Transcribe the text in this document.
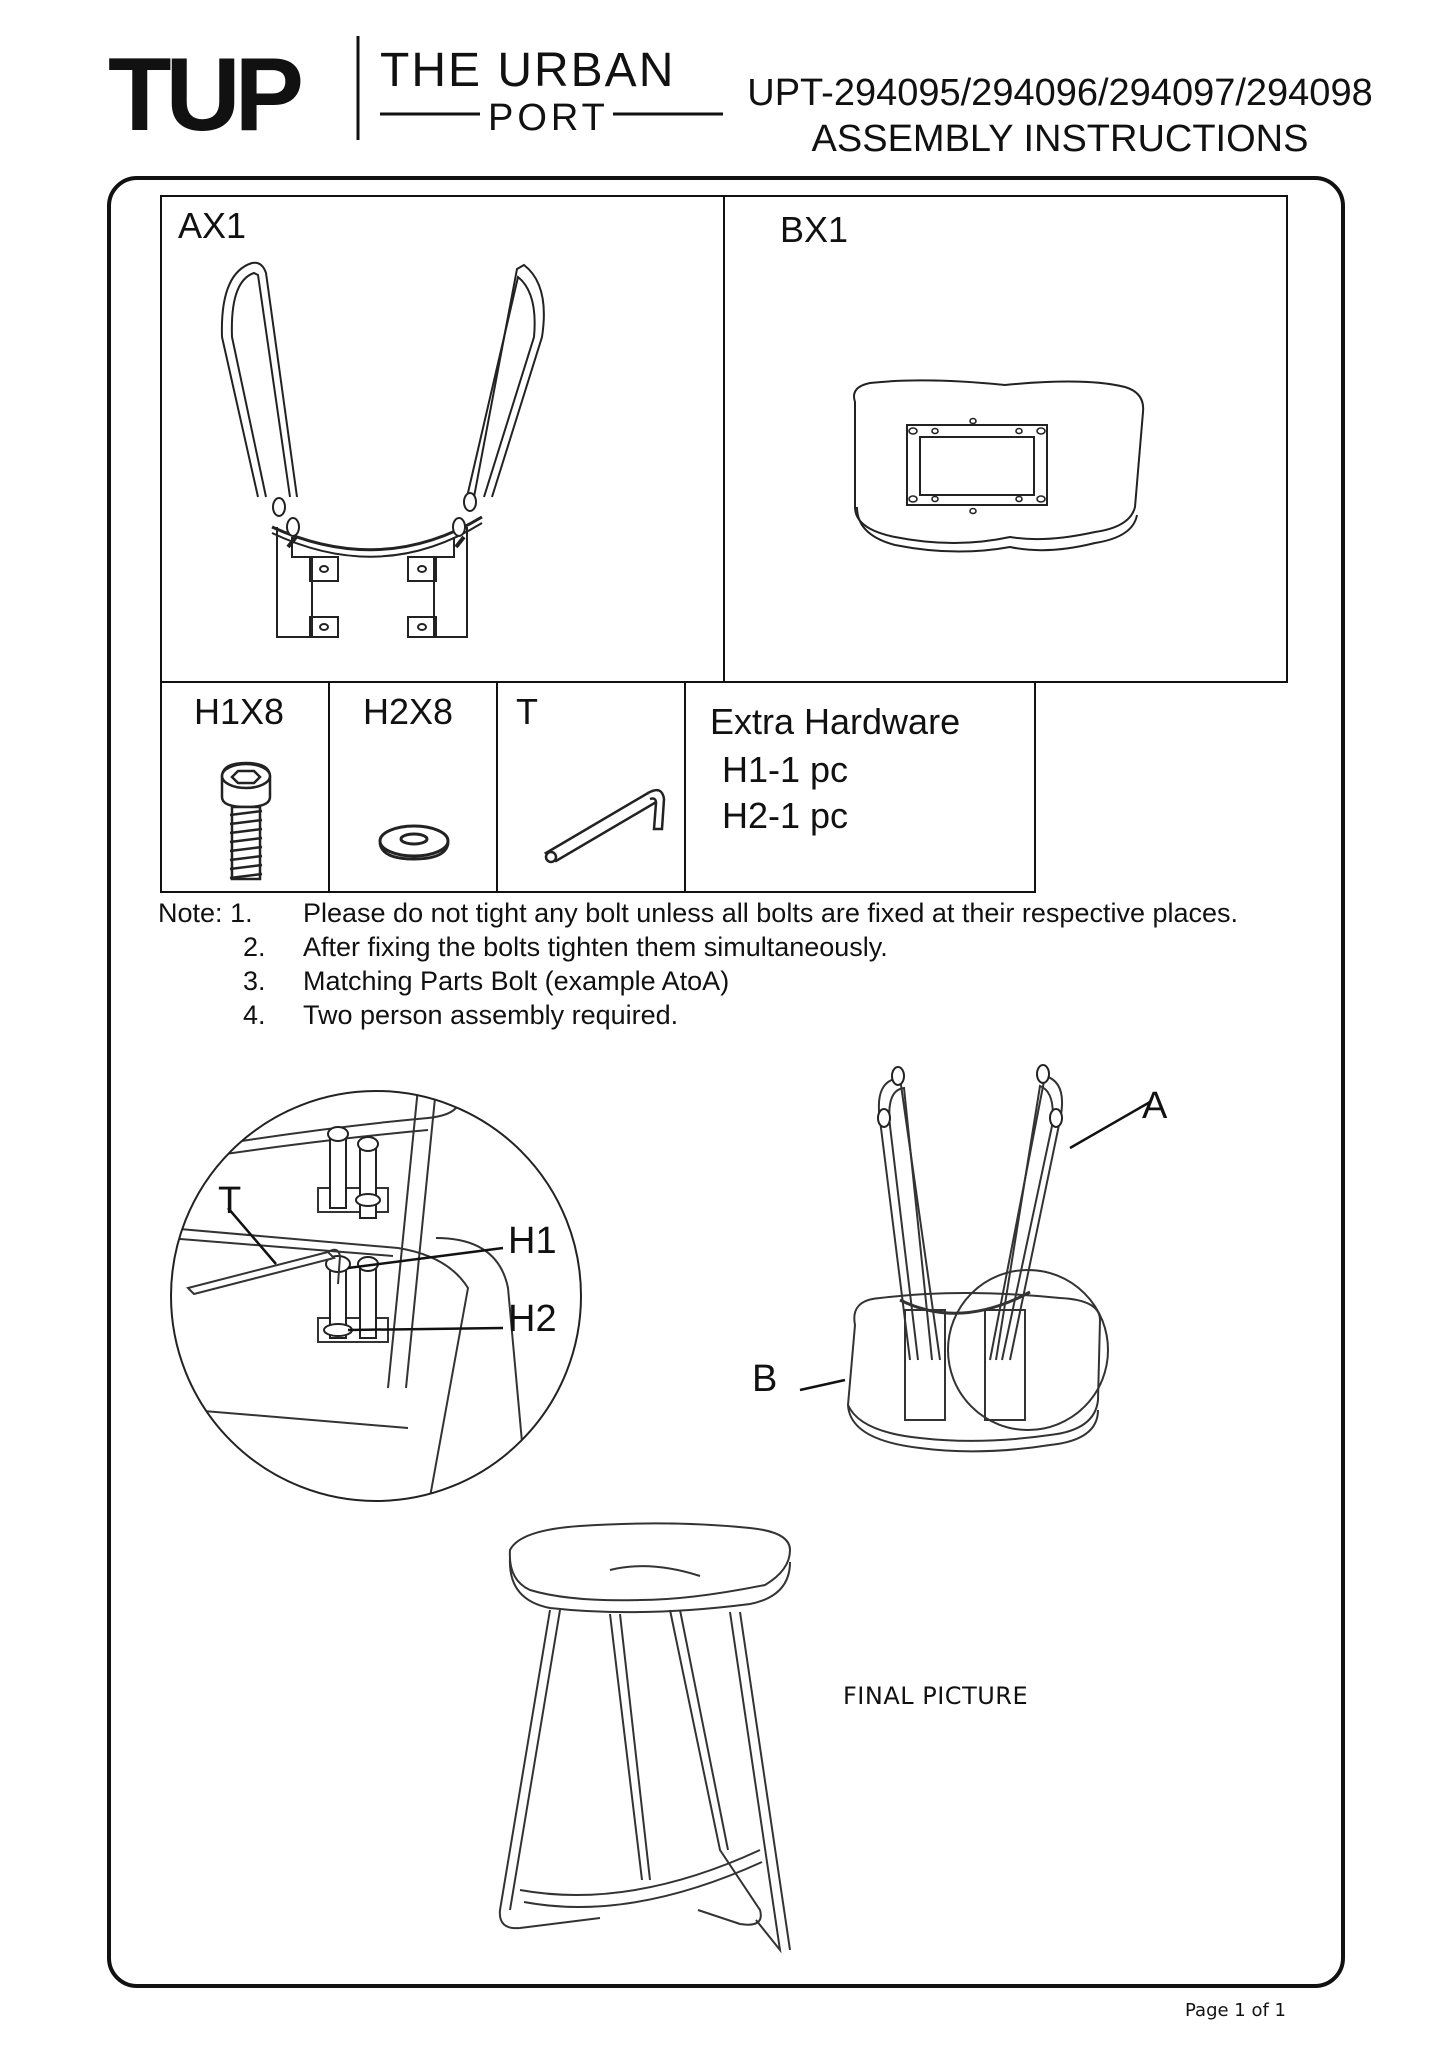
TUP THE URBAN
PORT
UPT-294095/294096/294097/294098
ASSEMBLY INSTRUCTIONS
AX1	BX1
H1X8 H2X8 T	Extra Hardware
H1-1 pc
H2-1 pc
Note: 1. Please do not tight any bolt unless all bolts are fixed at their respective places.
2. After fixing the bolts tighten them simultaneously.
3. Matching Parts Bolt (example AtoA)
4. Two person assembly required.
T
H1
H2
A
B
FINAL PICTURE
Page 1 of 1
